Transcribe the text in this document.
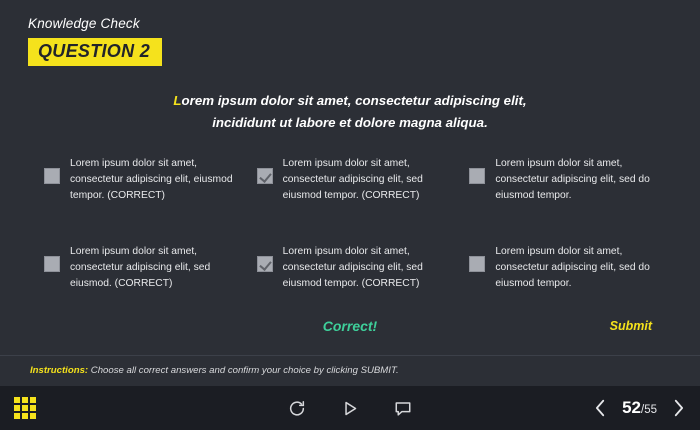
Knowledge Check
QUESTION 2
Lorem ipsum dolor sit amet, consectetur adipiscing elit,
incididunt ut labore et dolore magna aliqua.
Lorem ipsum dolor sit amet, consectetur adipiscing elit, eiusmod tempor. (CORRECT)
Lorem ipsum dolor sit amet, consectetur adipiscing elit, sed eiusmod tempor. (CORRECT)
Lorem ipsum dolor sit amet, consectetur adipiscing elit, sed do eiusmod tempor.
Lorem ipsum dolor sit amet, consectetur adipiscing elit, sed eiusmod. (CORRECT)
Lorem ipsum dolor sit amet, consectetur adipiscing elit, sed eiusmod tempor. (CORRECT)
Lorem ipsum dolor sit amet, consectetur adipiscing elit, sed do eiusmod tempor.
Correct!	Submit
Instructions: Choose all correct answers and confirm your choice by clicking SUBMIT.
52/55
